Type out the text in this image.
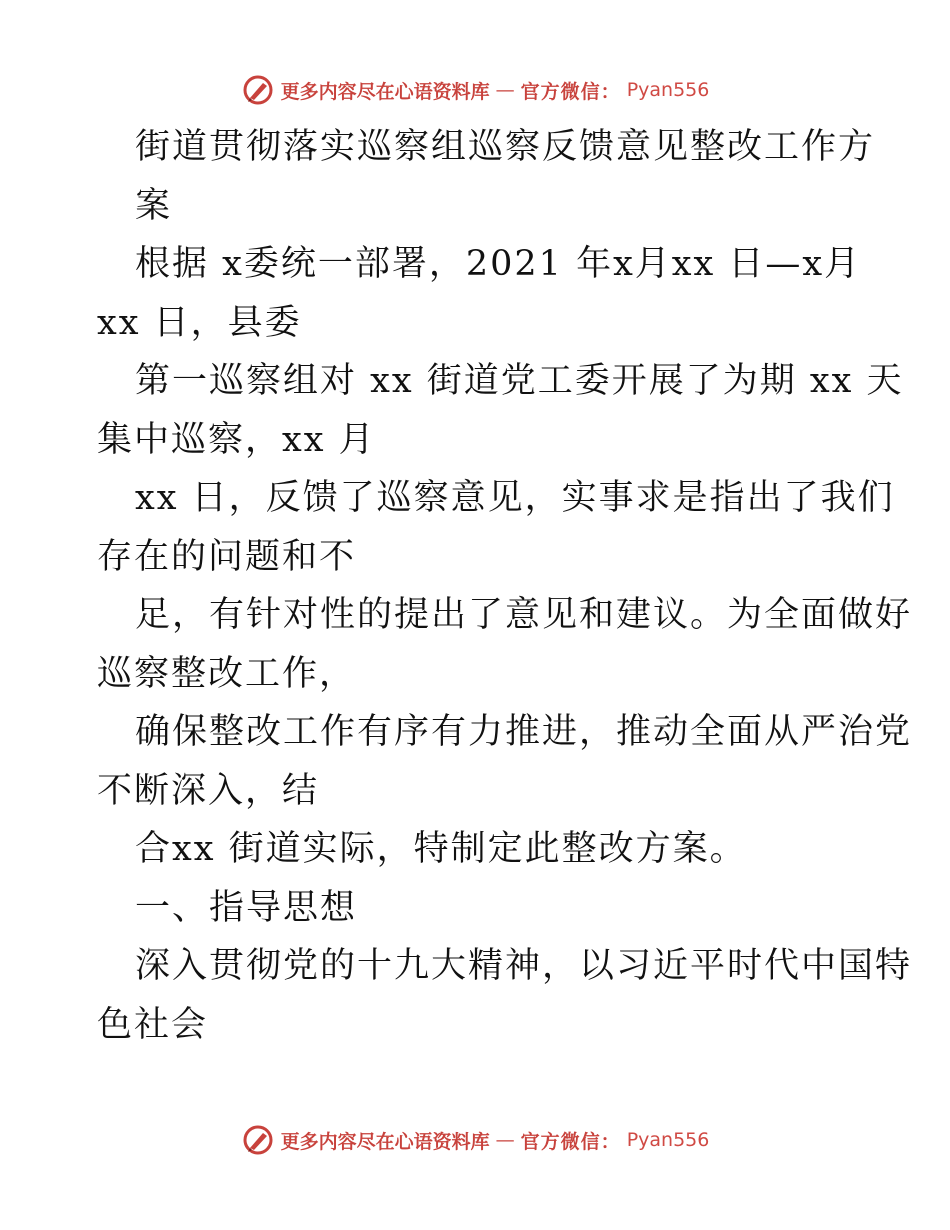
更多内容尽在心语资料库 — 官方微信： Pyan556
街道贯彻落实巡察组巡察反馈意见整改工作方
案
根据 x委统一部署，2021 年x月xx 日—x月
xx 日，县委
第一巡察组对 xx 街道党工委开展了为期 xx 天
集中巡察，xx 月
xx 日，反馈了巡察意见，实事求是指出了我们
存在的问题和不
足，有针对性的提出了意见和建议。为全面做好
巡察整改工作，
确保整改工作有序有力推进，推动全面从严治党
不断深入，结
合xx 街道实际，特制定此整改方案。
一、指导思想
深入贯彻党的十九大精神，以习近平时代中国特
色社会
更多内容尽在心语资料库 — 官方微信： Pyan556
